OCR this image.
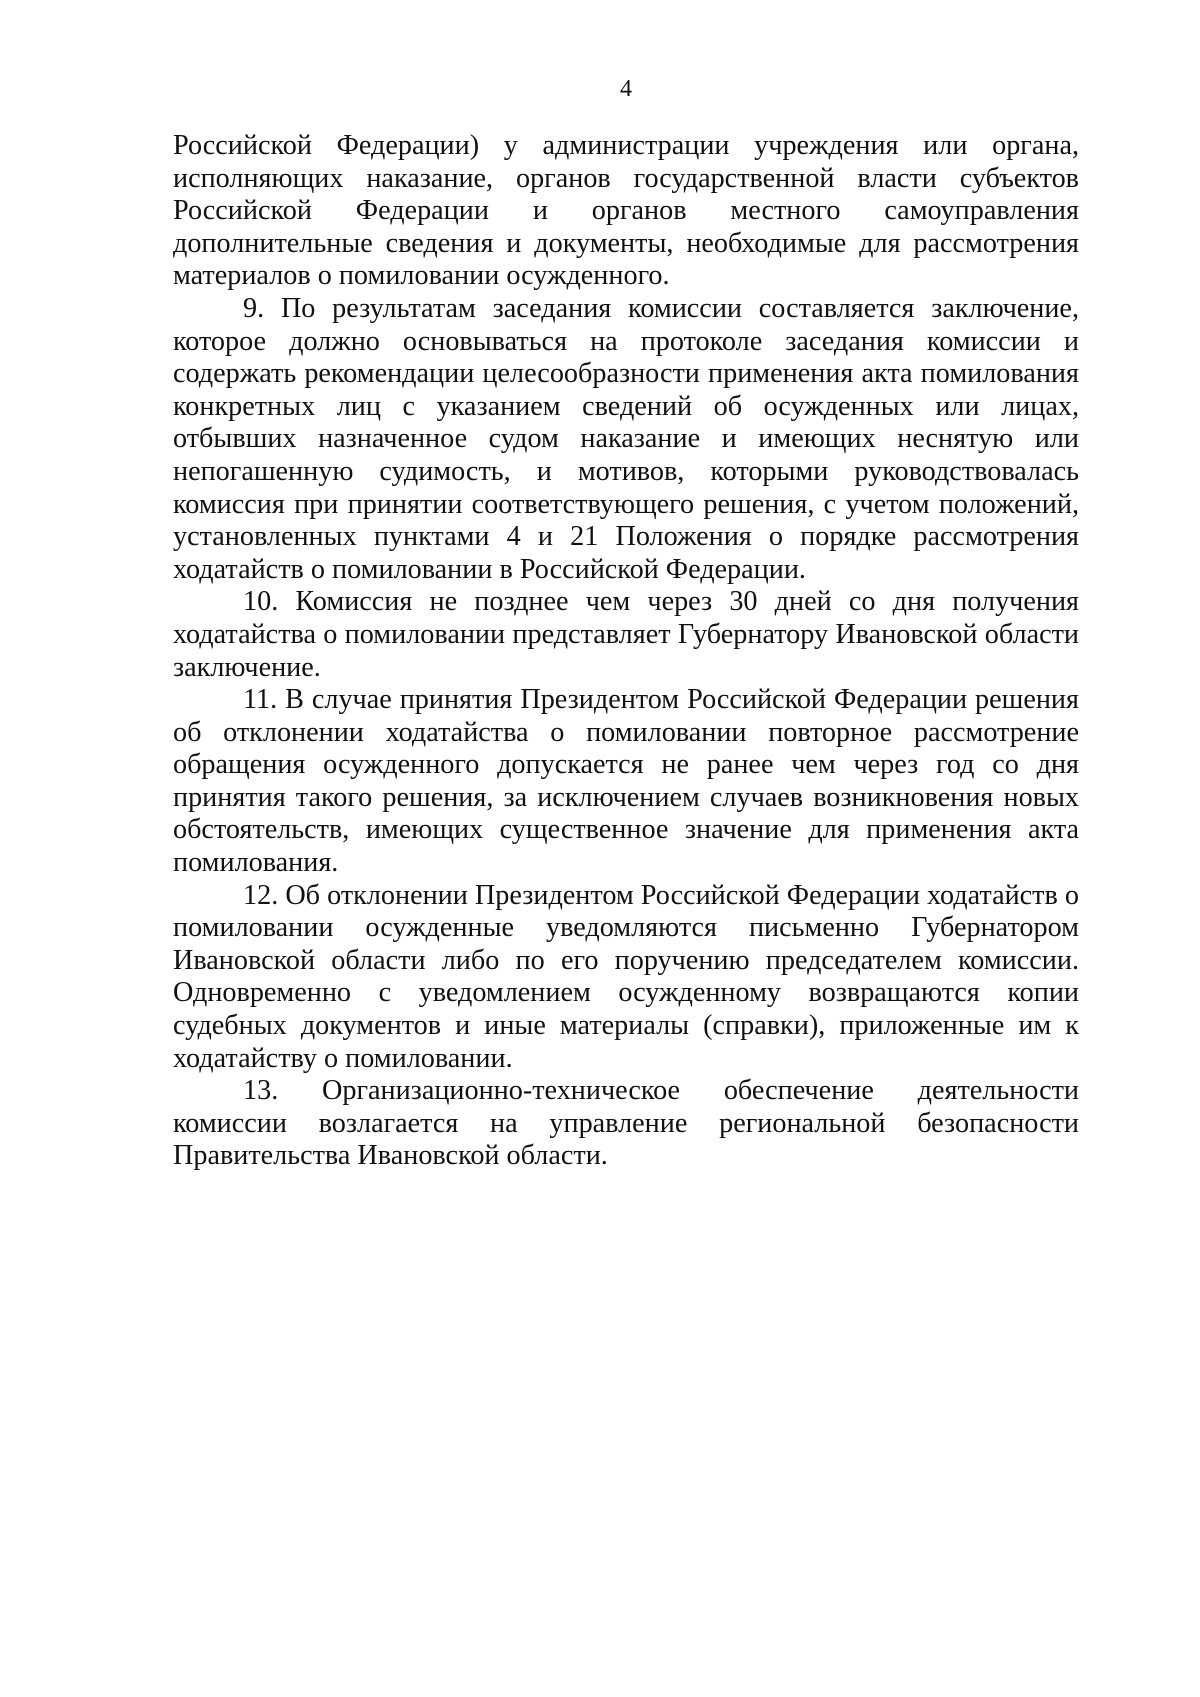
4

Российской Федерации) у администрации учреждения или органа, исполняющих наказание, органов государственной власти субъектов Российской Федерации и органов местного самоуправления дополнительные сведения и документы, необходимые для рассмотрения материалов о помиловании осужденного.

9. По результатам заседания комиссии составляется заключение, которое должно основываться на протоколе заседания комиссии и содержать рекомендации целесообразности применения акта помилования конкретных лиц с указанием сведений об осужденных или лицах, отбывших назначенное судом наказание и имеющих неснятую или непогашенную судимость, и мотивов, которыми руководствовалась комиссия при принятии соответствующего решения, с учетом положений, установленных пунктами 4 и 21 Положения о порядке рассмотрения ходатайств о помиловании в Российской Федерации.

10. Комиссия не позднее чем через 30 дней со дня получения ходатайства о помиловании представляет Губернатору Ивановской области заключение.

11. В случае принятия Президентом Российской Федерации решения об отклонении ходатайства о помиловании повторное рассмотрение обращения осужденного допускается не ранее чем через год со дня принятия такого решения, за исключением случаев возникновения новых обстоятельств, имеющих существенное значение для применения акта помилования.

12. Об отклонении Президентом Российской Федерации ходатайств о помиловании осужденные уведомляются письменно Губернатором Ивановской области либо по его поручению председателем комиссии. Одновременно с уведомлением осужденному возвращаются копии судебных документов и иные материалы (справки), приложенные им к ходатайству о помиловании.

13. Организационно-техническое обеспечение деятельности комиссии возлагается на управление региональной безопасности Правительства Ивановской области.
